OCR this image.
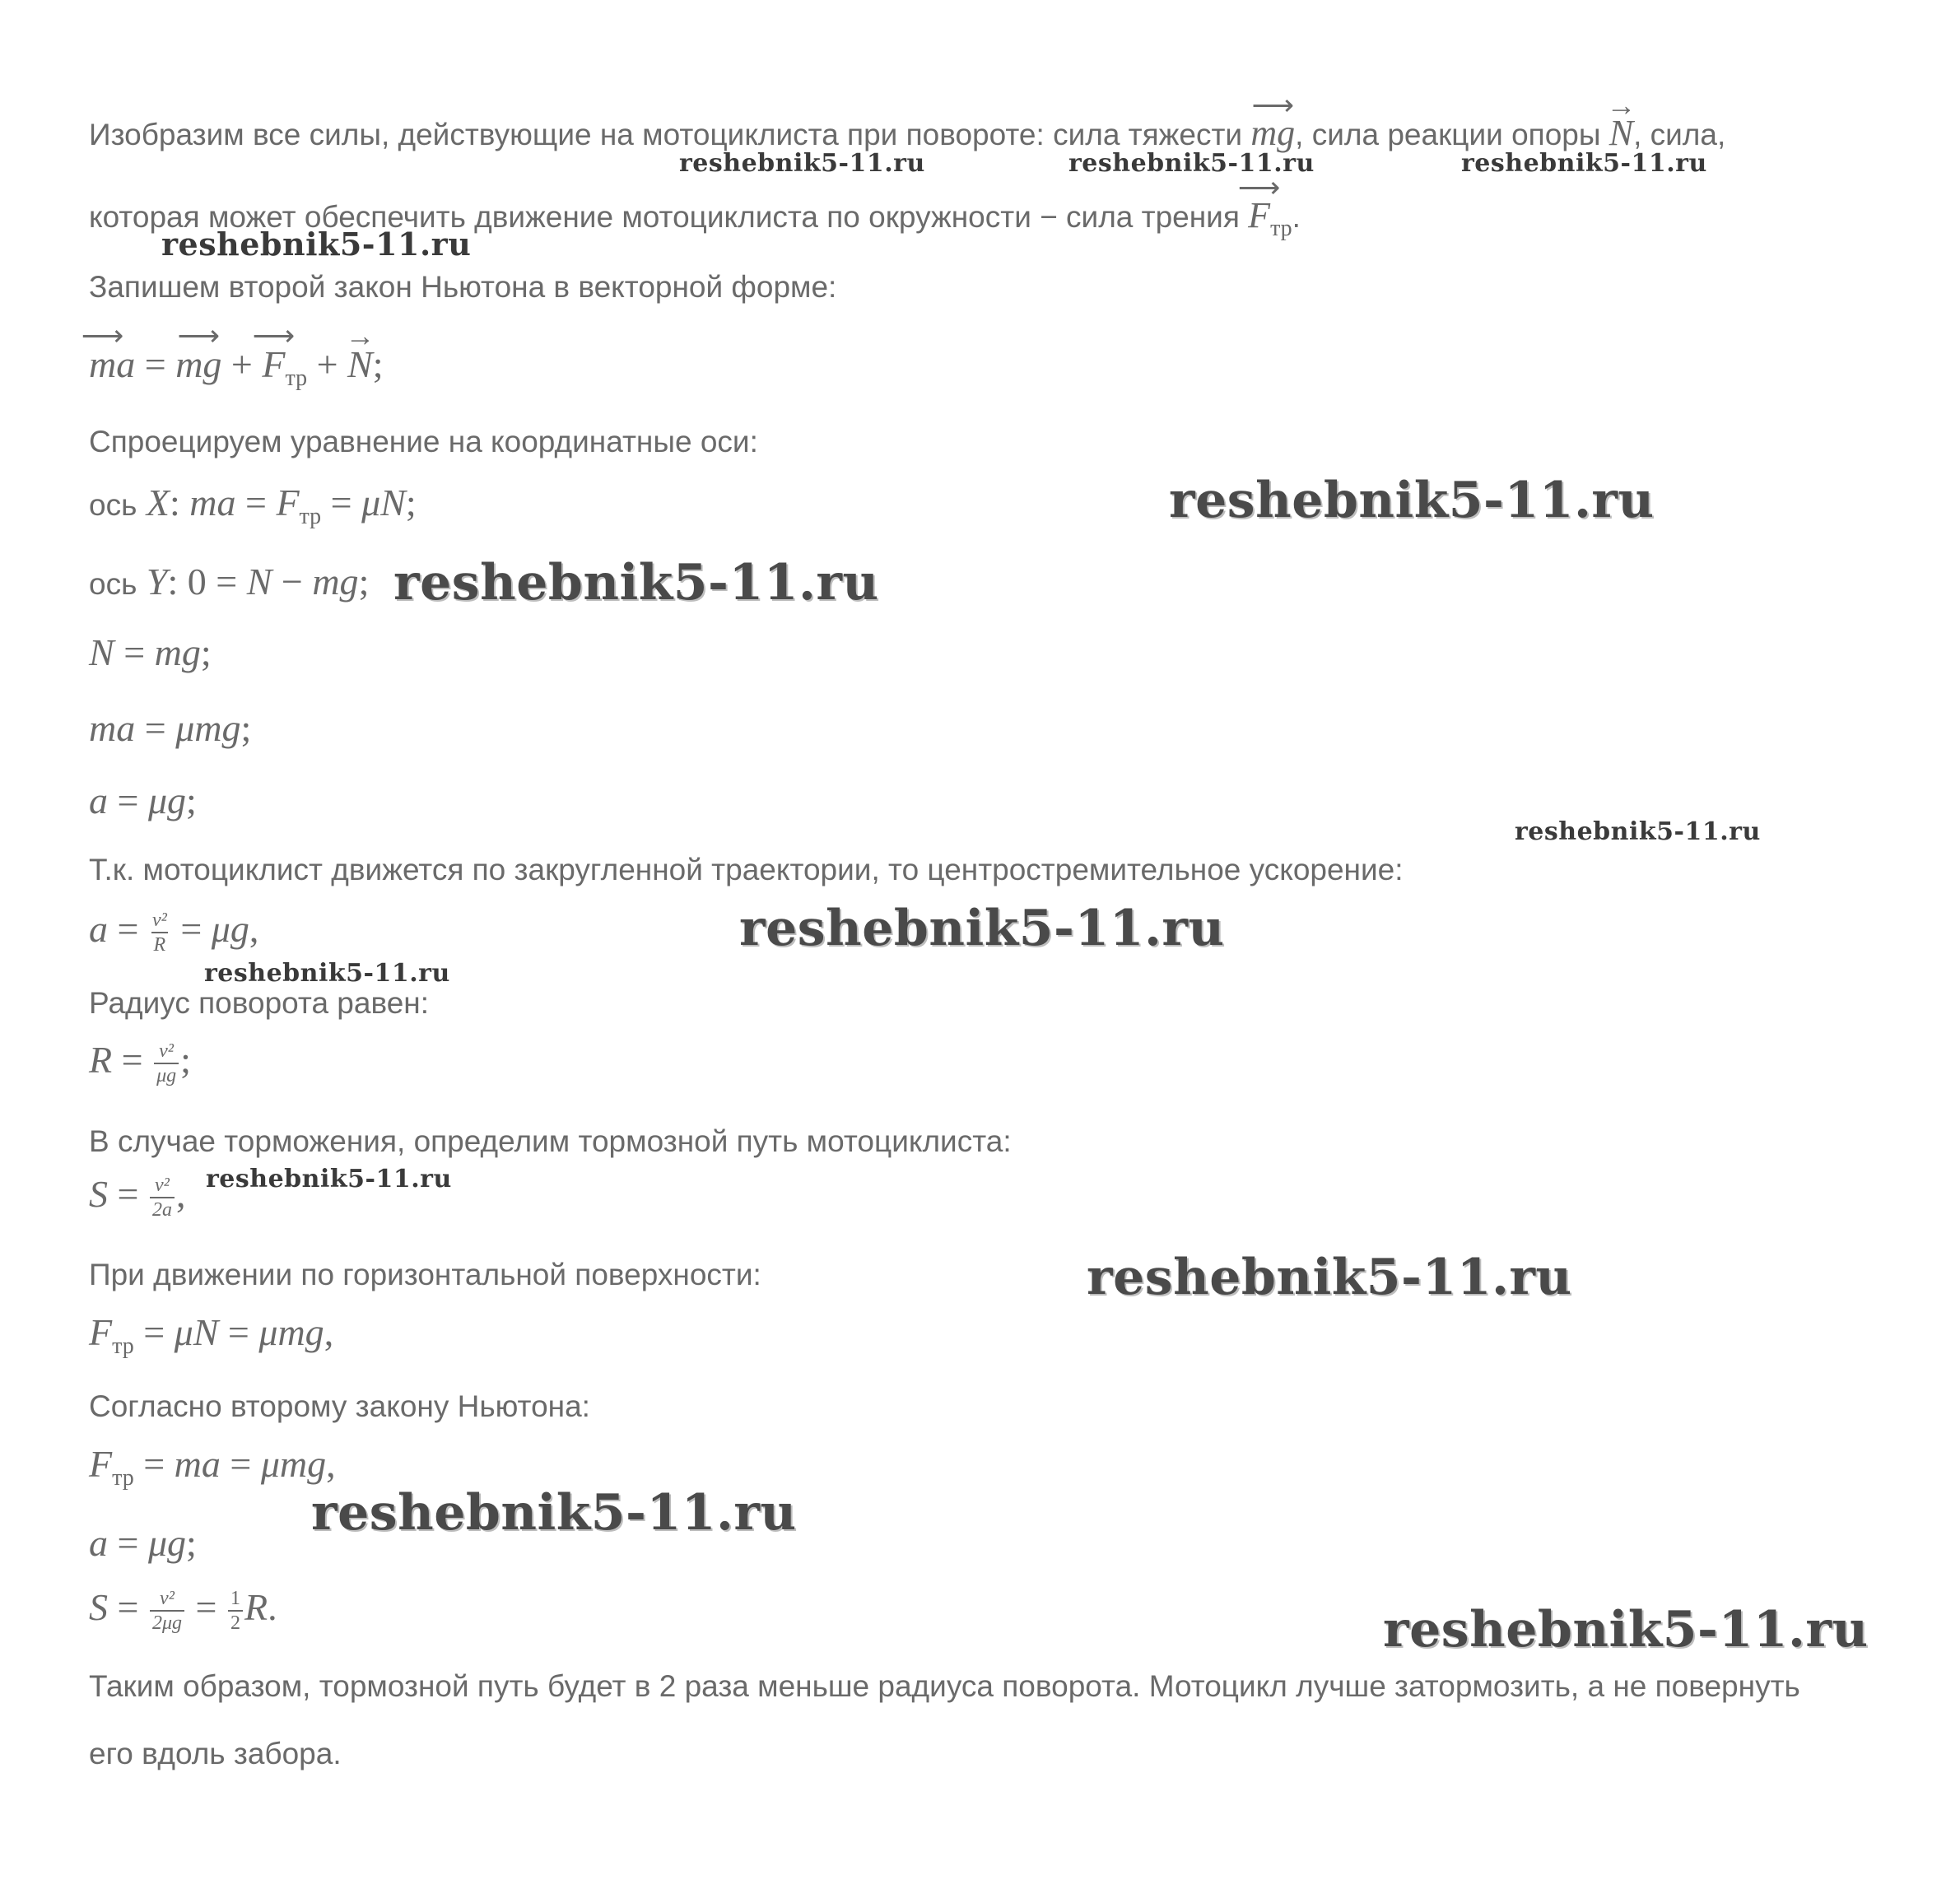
Изобразим все силы, действующие на мотоциклиста при повороте: сила тяжести ⟶ mg, сила реакции опоры → N, сила,
которая может обеспечить движение мотоциклиста по окружности − сила трения ⟶ $F_{тр}$.
Запишем второй закон Ньютона в векторной форме:
⟶ ma = ⟶ mg + ⟶ $F_{тр}$ + → N;
Спроецируем уравнение на координатные оси:
ось X: ma = $F_{тр} = \mu N$;
ось Y: 0 = N − mg;
N = mg;
ma = μmg;
a = μg;
Т.к. мотоциклист движется по закругленной траектории, то центростремительное ускорение:
$a = \frac{\text{v²}}{R} = \mu g$,
Радиус поворота равен:
$R = \frac{\text{v²}}{\mu g}$ ;
В случае торможения, определим тормозной путь мотоциклиста:
$S = \frac{\text{v²}}{2a}$ ,
При движении по горизонтальной поверхности:
$F_{тр} = \mu N = \mu mg$,
Согласно второму закону Ньютона:
$F_{тр}$ = ma = μmg,
a = μg;
$S = \frac{\text{v²}}{2\mu g} = \frac{1}{2} R$.
Таким образом, тормозной путь будет в 2 раза меньше радиуса поворота. Мотоцикл лучше затормозить, а не повернуть
его вдоль забора.
reshebnik5-11.ru	reshebnik5-11.ru	reshebnik5-11.ru
reshebnik5-11.ru
reshebnik5-11.ru
reshebnik5-11.ru
reshebnik5-11.ru
reshebnik5-11.ru
reshebnik5-11.ru
reshebnik5-11.ru
reshebnik5-11.ru
reshebnik5-11.ru
reshebnik5-11.ru
